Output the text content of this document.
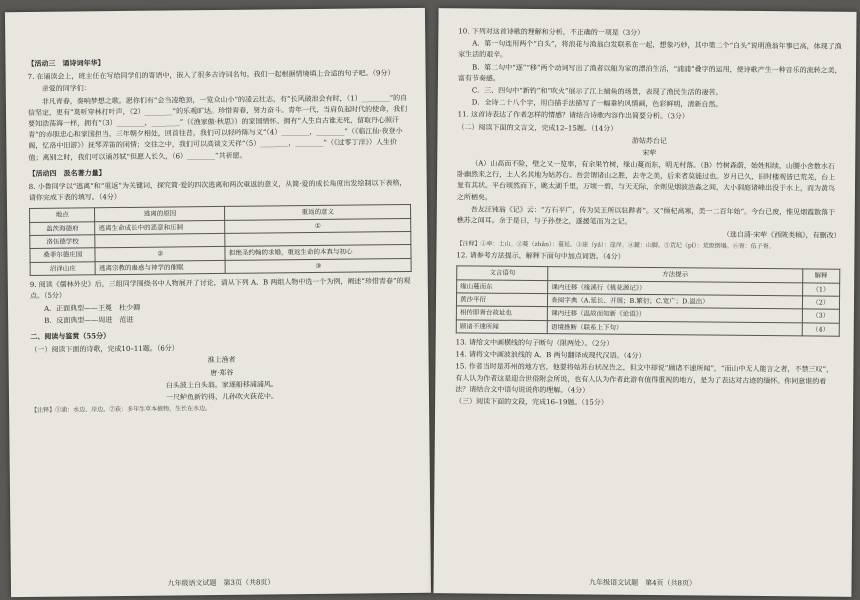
【活动三　诵诗词年华】
7. 在诵读会上，班主任在写给同学们的寄语中，嵌入了很多古诗词名句。我们一起根据情境填上合适的句子吧。（9分）
亲爱的同学们：
非凡青春，奏响梦想之歌。愿你们有“会当凌绝顶，一览众山小”的凌云壮志，有“长风破浪会有时，（1）________”的自信坚定，更有“莫听穿林打叶声，（2）________”的乐观旷达。珍惜青春，努力奋斗。青年一代，当肩负起时代的使命，我们要知浩荡海一样，拥有“（3）________，________”（《渔家傲·秋思》）的家国情怀。拥有“人生自古谁无死，留取丹心照汗青”的赤胆忠心和家国担当，三年朝夕相处，回首往昔，我们可以轻吟陈与义“（4）________，________”（《临江仙·夜登小阁，忆洛中旧游》）抚琴弄笛的闲情；交往之中，我们可以高谈文天祥“（5）________，________”（《过零丁洋》）人生价值；离别之时，我们可以诵苏轼“但愿人长久，（6）________”共祈愿。
【活动四　汲名著力量】
8. 小鲁同学以“逃离”和“重返”为关键词，探究简·爱的四次逃离和两次重返的意义，从简·爱的成长角度出发绘制以下表格，请你完成下表的填写。（4分）
地点	逃离的原因	重返的意义
盖茨海德府	逃离生命成长中的恶意和压制	①
洛伍德学校		
桑菲尔德庄园	②	拒绝圣约翰的求婚，重返生命的本真与初心
沼泽山庄	逃离宗教的蛊惑与神学的催眠	③
9. 阅读《儒林外史》后，三组同学围绕书中人物展开了讨论，请从下列 A、B 两组人物中选一个为例，阐述“珍惜青春”的观点。（5分）
A．正面典型——王冕　杜少卿
B．反面典型——周进　范进
二、阅读与鉴赏（55分）
（一）阅读下面的诗歌，完成10–11题。（6分）
淮上渔者
唐·郑谷
白头波上白头翁，家逐船移浦浦风。
一尺鲈鱼新钓得，儿孙吹火荻花中。
【注释】①浦：水边、岸边。②荻：多年生草本植物，生长在水边。
九年级语文试题　第3页（共8页）
10. 下列对这首诗歌的理解和分析，不正确的一项是（3分）
A．第一句连用两个“白头”，将浪花与渔翁白发联系在一起，想象巧妙，其中第二个“白头”说明渔翁年事已高，体现了渔家生活的艰辛。
B．第二句中“逐”“移”两个动词写出了渔者以船为家的漂泊生活，“浦浦”叠字的运用，使诗歌产生一种音乐的流转之美，富有节奏感。
C．三、四句中“新钓”和“吹火”展示了江上捕鱼的场景，表现了渔民生活的凄苦。
D．全诗二十八个字，用白描手法描写了一幅垂钓风情画，色彩鲜明，清新自然。
11. 这首诗表达了作者怎样的情感？请结合诗歌内容作出简要分析。（3分）
（二）阅读下面的文言文，完成12–15题。（14分）
游姑苏台记
宋荦
（A）山高而不险，壁之又一览率，有余果竹树，缘山蔓而东，明无村落。（B）竹树森蔚，始姓相续，山腰小舍数水石卧幽然来之行，土人名其地为姑苏台。吾尝谓诸山之胜，去寺之美，后来者莫能过也。岁月已久，旧时楼观皆已荒芜，台上复有其状。平台顷然而下，眺太湖千里，万顷一碧，与天无际，余则见烟波浩淼之间，大小洞庭诸峰出没于水上，而为黄鸟之所栖矣。
吾友汪钝翁《记》云：“方石平广，传为吴王所以驻跸者”。又“倾杞高寒，美一二百年始”。今台已废，惟见烟霞散落于樵苏之间耳。余于是日，与子孙登之，遂援笔而为之记。
（选自清·宋荦《西陂类稿》，有删改）
【注释】①率：土山。②蔓（zhǎn）：蔓延。③崖（yá）：崖岸。④麓：山脚。⑤荒圮（pǐ）：荒废倒塌。⑥胥：伍子胥。
12. 请参考方法提示，解释下面句中加点词语。（4分）
文言语句	方法提示	解释
缘山蔓而东	课内迁移（缘溪行《桃花源记》）	（1）
黄沙平衍	查阅字典（A.延长、开展；B.繁衍；C.宽广；D.溢出）	（2）
相传即胥台故址也	课内迁移（温故而知新《论语》）	（3）
顾诸不速所闻	语境推断（联系上下句）	（4）
13. 请给文中画横线的句子断句（限两处）。（2分）
14. 请将文中画波浪线的 A、B 两句翻译成现代汉语。（4分）
15. 作者当时是苏州的地方官，他要将姑苏台状况告之，但文中却说“顾诸不速所闻”，“而山中无人能言之者，不禁三叹”，有人认为作者这是迎合世俗附会所说，也有人认为作者此游有值得重视的地方，是为了表达对古迹的缅怀。你同意谁的看法？请结合文中语句说说你的理解。（4分）
（三）阅读下面的文段，完成16–19题。（15分）
九年级语文试题　第4页（共8页）
